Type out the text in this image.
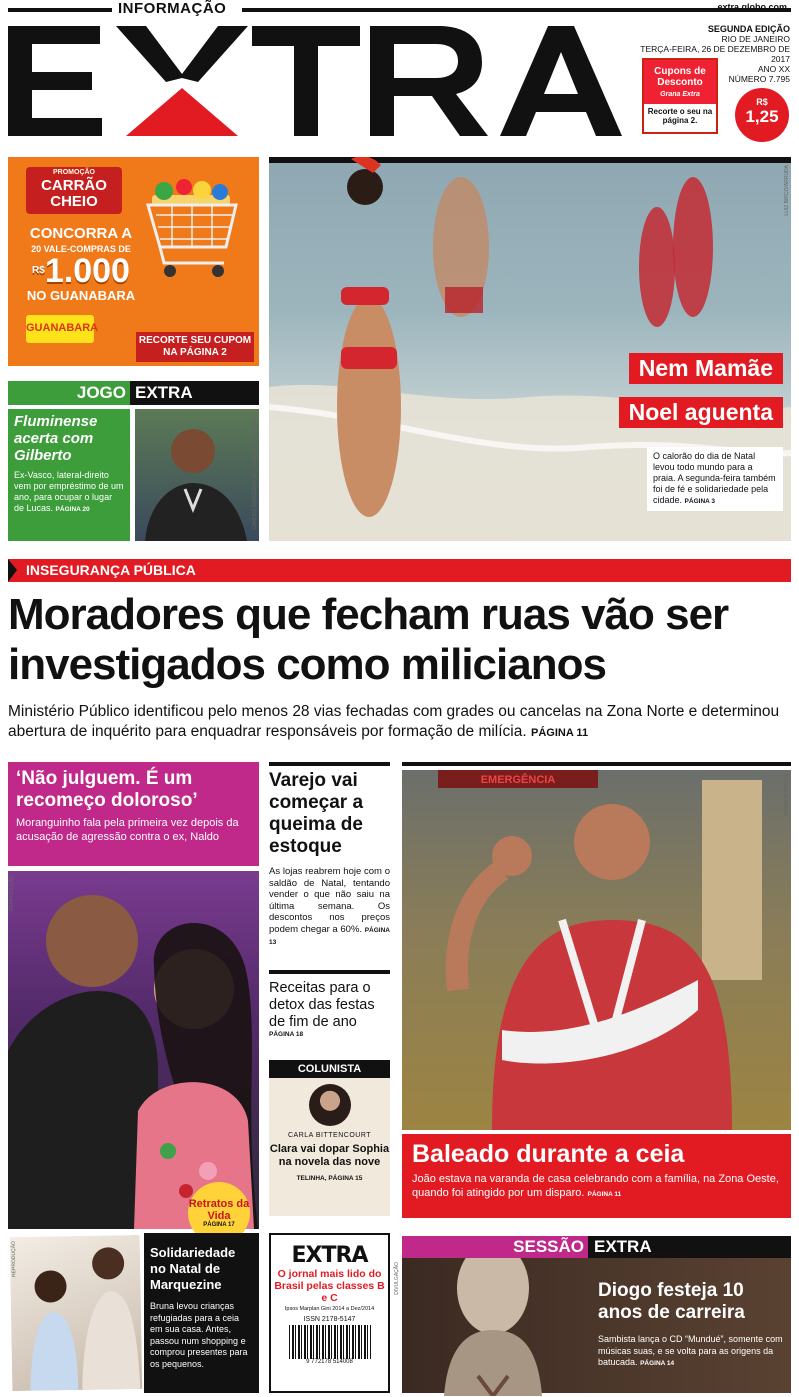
INFORMAÇÃO	extra.globo.com
SEGUNDA EDIÇÃO
RIO DE JANEIRO
TERÇA-FEIRA, 26 DE DEZEMBRO DE 2017
ANO XX
NÚMERO 7.795
Cupons de Desconto
Grana Extra
Recorte o seu na página 2.
R$
1,25
PROMOÇÃO
CARRÃO CHEIO
CONCORRA A
20 VALE-COMPRAS DE
$^{R\$}$1.000
NO GUANABARA
GUANABARA
RECORTE SEU CUPOM NA PÁGINA 2
Nem Mamãe
Noel aguenta
O calorão do dia de Natal levou todo mundo para a praia. A segunda-feira também foi de fé e solidariedade pela cidade. PÁGINA 3
LUIZ BIRCO/ARRUDA
JOGO EXTRA
Fluminense acerta com Gilberto
Ex-Vasco, lateral-direito vem por empréstimo de um ano, para ocupar o lugar de Lucas. PÁGINA 20	CARLOS GREGÓRIO JR. / VASCO / DIVULGAÇÃO
INSEGURANÇA PÚBLICA
Moradores que fecham ruas vão ser investigados como milicianos
Ministério Público identificou pelo menos 28 vias fechadas com grades ou cancelas na Zona Norte e determinou abertura de inquérito para enquadrar responsáveis por formação de milícia. PÁGINA 11
‘Não julguem. É um recomeço doloroso’
Moranguinho fala pela primeira vez depois da acusação de agressão contra o ex, Naldo
REPRODUÇÃO
Retratos da Vida
PÁGINA 17
Varejo vai começar a queima de estoque
As lojas reabrem hoje com o saldão de Natal, tentando vender o que não saiu na última semana. Os descontos nos preços podem chegar a 60%. PÁGINA 13
Receitas para o detox das festas de fim de ano
PÁGINA 18
COLUNISTA
CARLA BITTENCOURT
Clara vai dopar Sophia na novela das nove
TELINHA, PÁGINA 15
EMERGÊNCIA	MARCOS RAMOS
Baleado durante a ceia
João estava na varanda de casa celebrando com a família, na Zona Oeste, quando foi atingido por um disparo. PÁGINA 11
REPRODUÇÃO	Solidariedade no Natal de Marquezine
Bruna levou crianças refugiadas para a ceia em sua casa. Antes, passou num shopping e comprou presentes para os pequenos.
EXTRA
O jornal mais lido do Brasil pelas classes B e C
Ipsos Marplan Gini 2014 a Dez/2014
ISSN 2178-5147
9 772178 514008
SESSÃO EXTRA
Diogo festeja 10 anos de carreira
Sambista lança o CD “Mundué”, somente com músicas suas, e se volta para as origens da batucada. PÁGINA 14
DIVULGAÇÃO
